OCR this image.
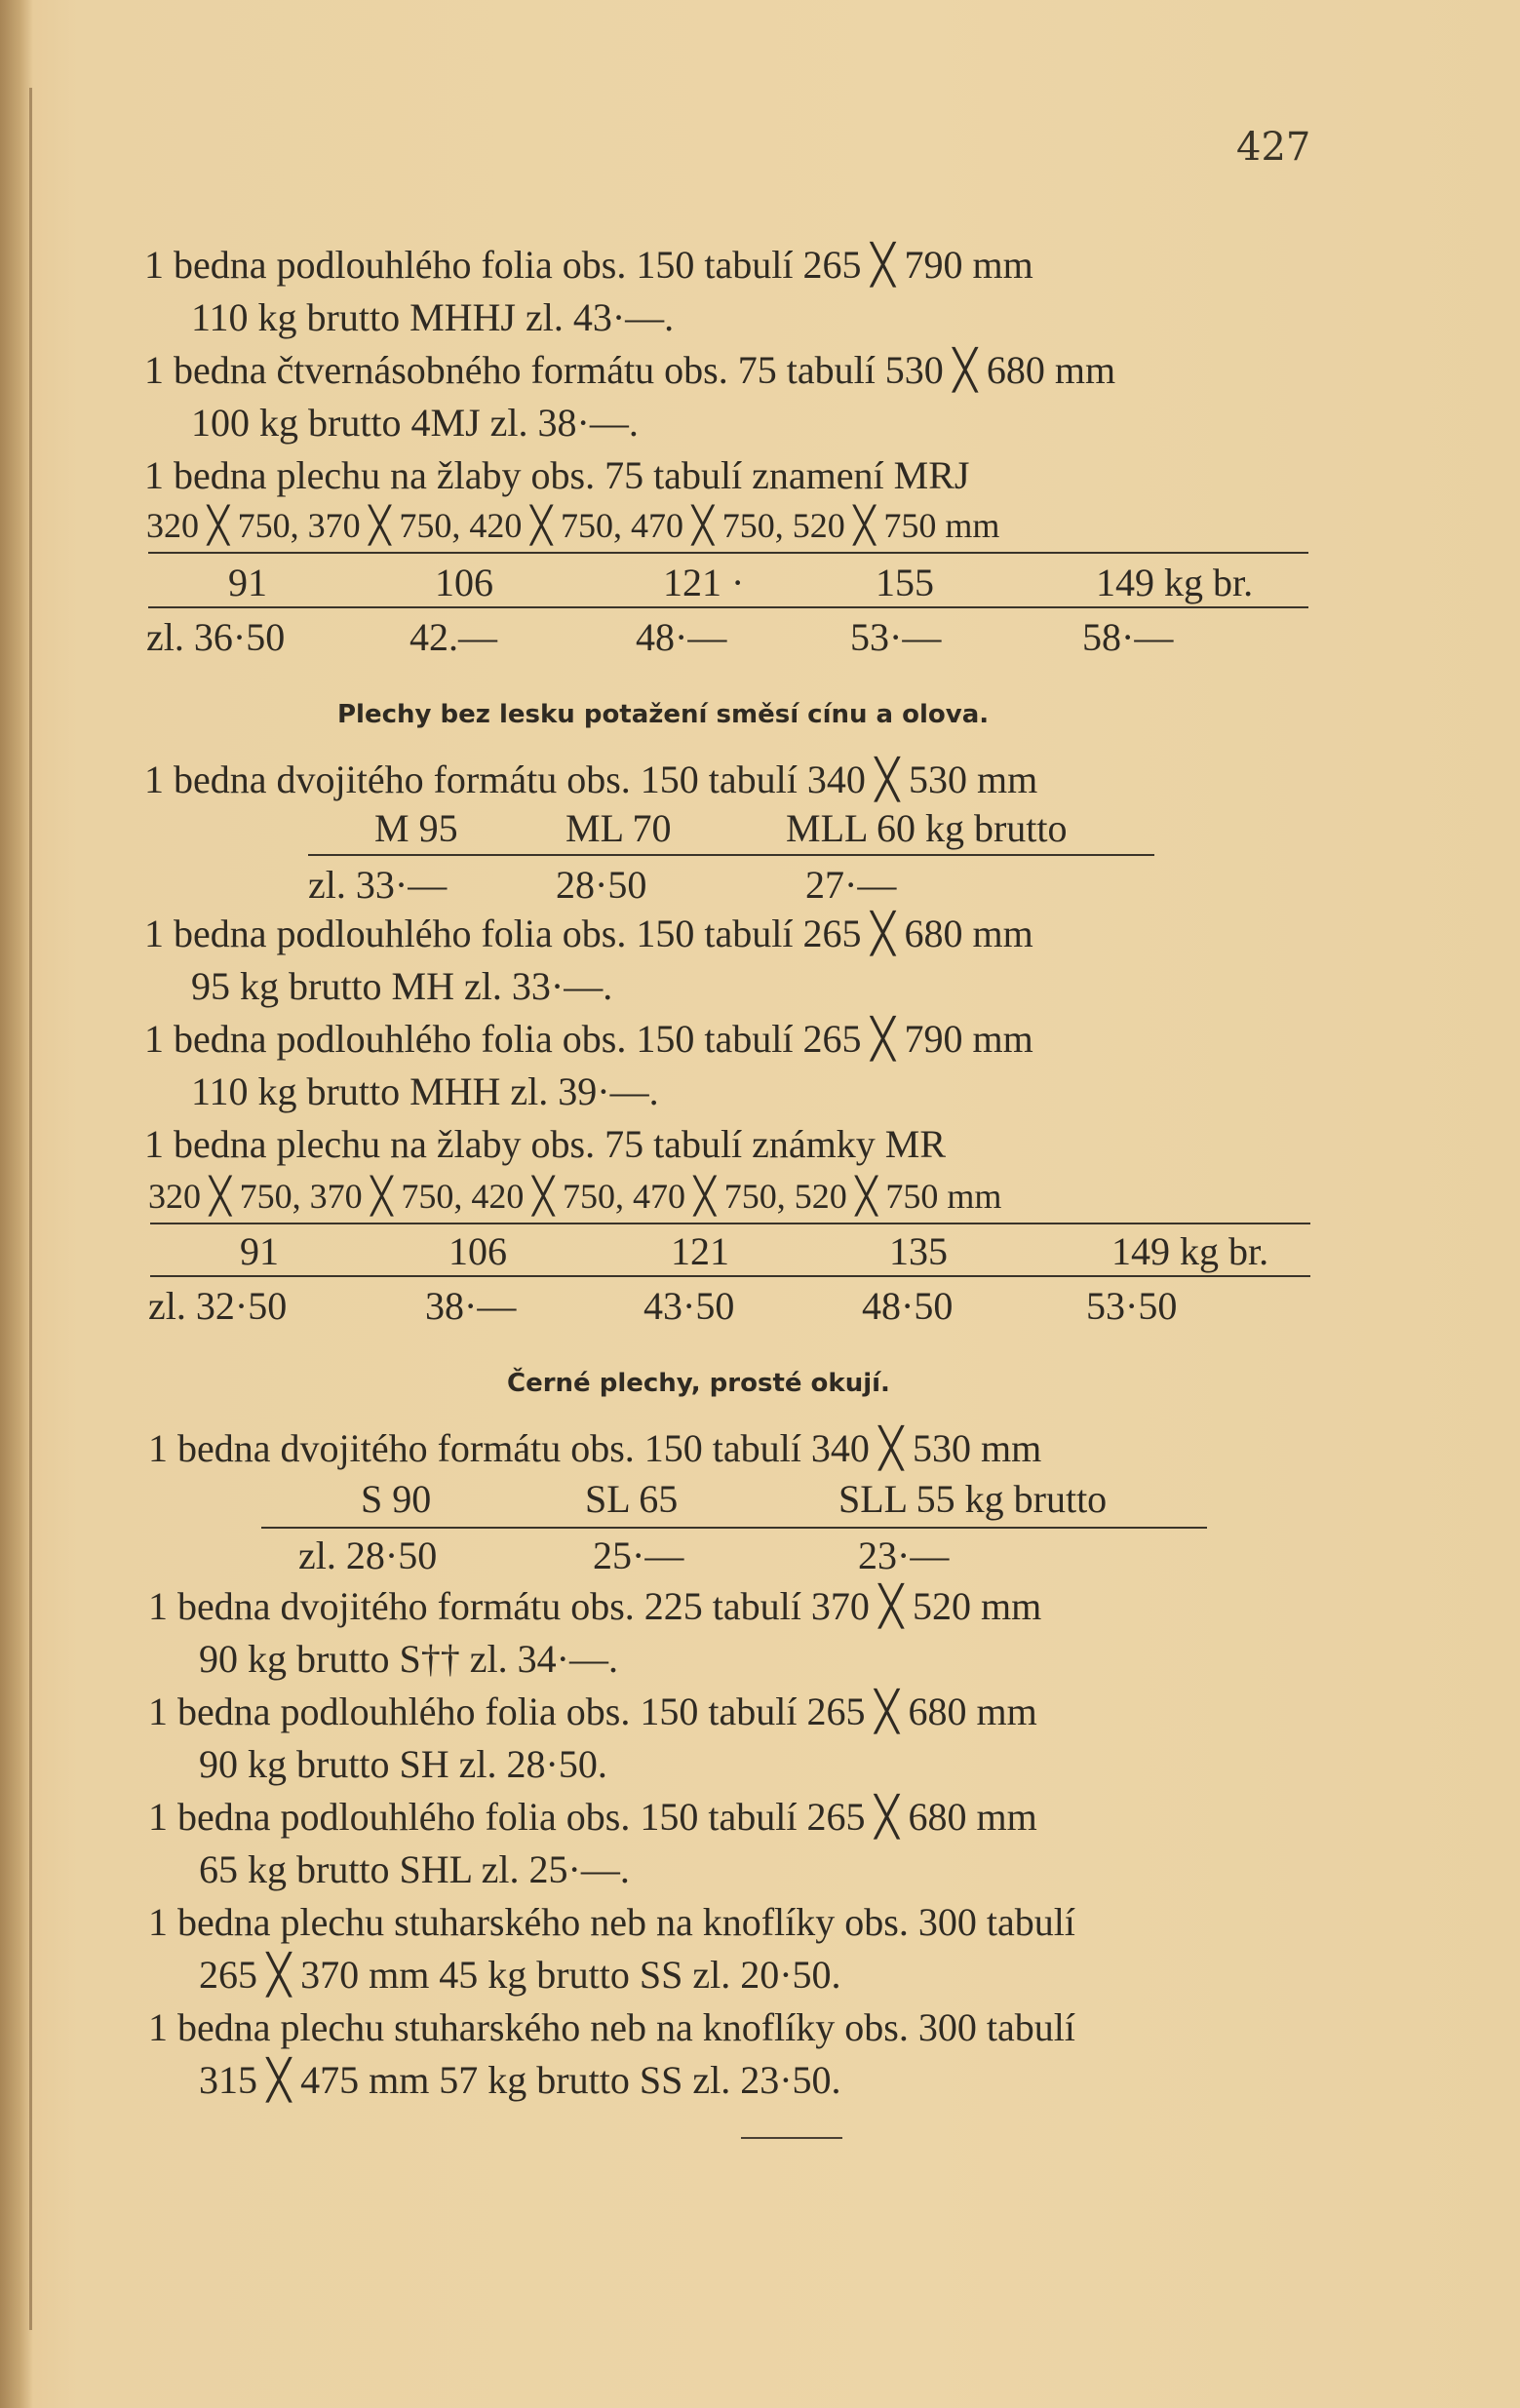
427
1 bedna podlouhlého folia obs. 150 tabulí 265 ╳ 790 mm
110 kg brutto MHHJ zl. 43·—.
1 bedna čtvernásobného formátu obs. 75 tabulí 530 ╳ 680 mm
100 kg brutto 4MJ zl. 38·—.
1 bedna plechu na žlaby obs. 75 tabulí znamení MRJ
320 ╳ 750, 370 ╳ 750, 420 ╳ 750, 470 ╳ 750, 520 ╳ 750 mm
91	106	121 ·	155	149 kg br.
zl. 36·50	42.—	48·—	53·—	58·—
Plechy bez lesku potažení směsí cínu a olova.
1 bedna dvojitého formátu obs. 150 tabulí 340 ╳ 530 mm
M 95	ML 70	MLL 60 kg brutto
zl. 33·—	28·50	27·—
1 bedna podlouhlého folia obs. 150 tabulí 265 ╳ 680 mm
95 kg brutto MH zl. 33·—.
1 bedna podlouhlého folia obs. 150 tabulí 265 ╳ 790 mm
110 kg brutto MHH zl. 39·—.
1 bedna plechu na žlaby obs. 75 tabulí známky MR
320 ╳ 750, 370 ╳ 750, 420 ╳ 750, 470 ╳ 750, 520 ╳ 750 mm
91	106	121	135	149 kg br.
zl. 32·50	38·—	43·50	48·50	53·50
Černé plechy, prosté okují.
1 bedna dvojitého formátu obs. 150 tabulí 340 ╳ 530 mm
S 90	SL 65	SLL 55 kg brutto
zl. 28·50	25·—	23·—
1 bedna dvojitého formátu obs. 225 tabulí 370 ╳ 520 mm
90 kg brutto S†† zl. 34·—.
1 bedna podlouhlého folia obs. 150 tabulí 265 ╳ 680 mm
90 kg brutto SH zl. 28·50.
1 bedna podlouhlého folia obs. 150 tabulí 265 ╳ 680 mm
65 kg brutto SHL zl. 25·—.
1 bedna plechu stuharského neb na knoflíky obs. 300 tabulí
265 ╳ 370 mm 45 kg brutto SS zl. 20·50.
1 bedna plechu stuharského neb na knoflíky obs. 300 tabulí
315 ╳ 475 mm 57 kg brutto SS zl. 23·50.
